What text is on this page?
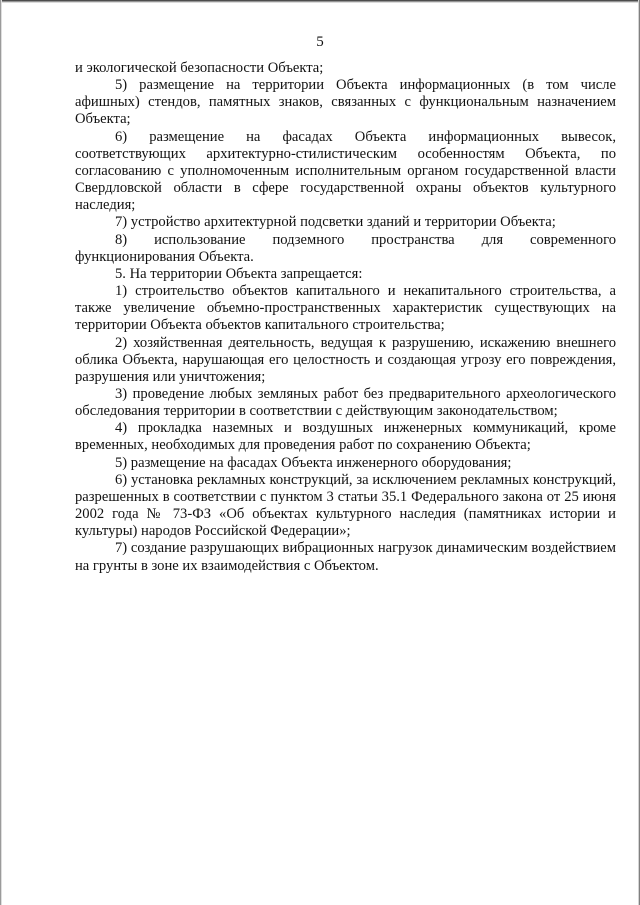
5

и экологической безопасности Объекта;

5) размещение на территории Объекта информационных (в том числе афишных) стендов, памятных знаков, связанных с функциональным назначением Объекта;

6) размещение на фасадах Объекта информационных вывесок, соответствующих архитектурно-стилистическим особенностям Объекта, по согласованию с уполномоченным исполнительным органом государственной власти Свердловской области в сфере государственной охраны объектов культурного наследия;

7) устройство архитектурной подсветки зданий и территории Объекта;

8) использование подземного пространства для современного функционирования Объекта.

5. На территории Объекта запрещается:

1) строительство объектов капитального и некапитального строительства, а также увеличение объемно-пространственных характеристик существующих на территории Объекта объектов капитального строительства;

2) хозяйственная деятельность, ведущая к разрушению, искажению внешнего облика Объекта, нарушающая его целостность и создающая угрозу его повреждения, разрушения или уничтожения;

3) проведение любых земляных работ без предварительного археологического обследования территории в соответствии с действующим законодательством;

4) прокладка наземных и воздушных инженерных коммуникаций, кроме временных, необходимых для проведения работ по сохранению Объекта;

5) размещение на фасадах Объекта инженерного оборудования;

6) установка рекламных конструкций, за исключением рекламных конструкций, разрешенных в соответствии с пунктом 3 статьи 35.1 Федерального закона от 25 июня 2002 года № 73-ФЗ «Об объектах культурного наследия (памятниках истории и культуры) народов Российской Федерации»;

7) создание разрушающих вибрационных нагрузок динамическим воздействием на грунты в зоне их взаимодействия с Объектом.
